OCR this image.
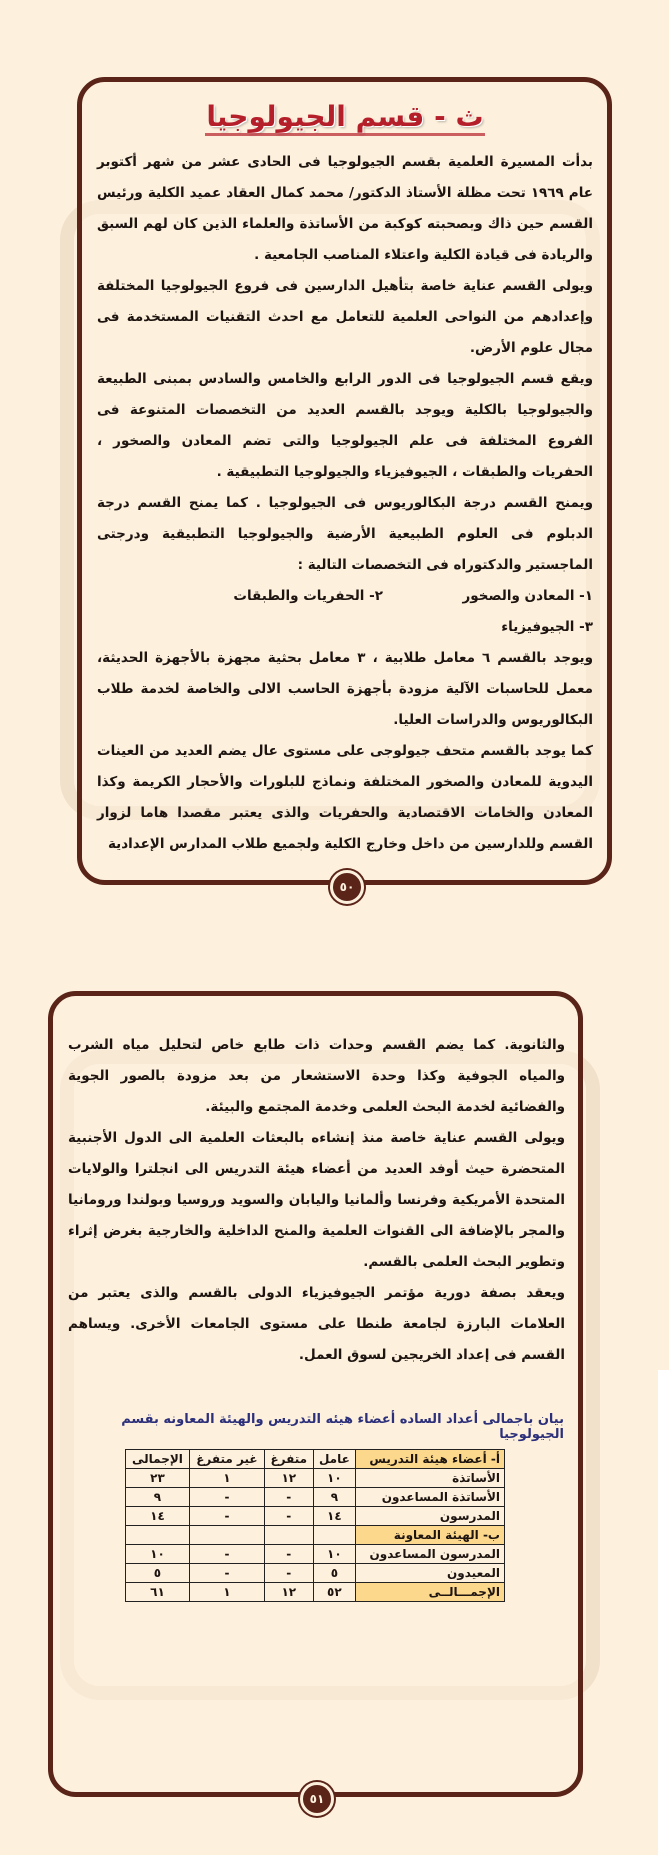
ث - قسم الجيولوجيا

بدأت المسيرة العلمية بقسم الجيولوجيا فى الحادى عشر من شهر أكتوبر عام ١٩٦٩ تحت مظلة الأستاذ الدكتور/ محمد كمال العقاد عميد الكلية ورئيس القسم حين ذاك وبصحبته كوكبة من الأساتذة والعلماء الذين كان لهم السبق والريادة فى قيادة الكلية واعتلاء المناصب الجامعية .

ويولى القسم عناية خاصة بتأهيل الدارسين فى فروع الجيولوجيا المختلفة وإعدادهم من النواحى العلمية للتعامل مع احدث التقنيات المستخدمة فى مجال علوم الأرض.

ويقع قسم الجيولوجيا فى الدور الرابع والخامس والسادس بمبنى الطبيعة والجيولوجيا بالكلية ويوجد بالقسم العديد من التخصصات المتنوعة فى الفروع المختلفة فى علم الجيولوجيا والتى تضم المعادن والصخور ، الحفريات والطبقات ، الجيوفيزياء والجيولوجيا التطبيقية .

ويمنح القسم درجة البكالوريوس فى الجيولوجيا . كما يمنح القسم درجة الدبلوم فى العلوم الطبيعية الأرضية والجيولوجيا التطبيقية ودرجتى الماجستير والدكتوراه فى التخصصات التالية :

١- المعادن والصخور
٢- الحفريات والطبقات
٣- الجيوفيزياء

ويوجد بالقسم ٦ معامل طلابية ، ٣ معامل بحثية مجهزة بالأجهزة الحديثة، معمل للحاسبات الآلية مزودة بأجهزة الحاسب الالى والخاصة لخدمة طلاب البكالوريوس والدراسات العليا.

كما يوجد بالقسم متحف جيولوجى على مستوى عال يضم العديد من العينات اليدوية للمعادن والصخور المختلفة ونماذج للبلورات والأحجار الكريمة وكذا المعادن والخامات الاقتصادية والحفريات والذى يعتبر مقصدا هاما لزوار القسم وللدارسين من داخل وخارج الكلية ولجميع طلاب المدارس الإعدادية

٥٠

والثانوية. كما يضم القسم وحدات ذات طابع خاص لتحليل مياه الشرب والمياه الجوفية وكذا وحدة الاستشعار من بعد مزودة بالصور الجوية والفضائية لخدمة البحث العلمى وخدمة المجتمع والبيئة.

ويولى القسم عناية خاصة منذ إنشاءه بالبعثات العلمية الى الدول الأجنبية المتحضرة حيث أوفد العديد من أعضاء هيئة التدريس الى انجلترا والولايات المتحدة الأمريكية وفرنسا وألمانيا واليابان والسويد وروسيا وبولندا ورومانيا والمجر بالإضافة الى القنوات العلمية والمنح الداخلية والخارجية بغرض إثراء وتطوير البحث العلمى بالقسم.

ويعقد بصفة دورية مؤتمر الجيوفيزياء الدولى بالقسم والذى يعتبر من العلامات البارزة لجامعة طنطا على مستوى الجامعات الأخرى. ويساهم القسم فى إعداد الخريجين لسوق العمل.

بيان باجمالى أعداد الساده أعضاء هيئه التدريس والهيئة المعاونه بقسم الجيولوجيا
أ- أعضاء هيئة التدريس	عامل	متفرغ	غير متفرغ	الإجمالى
الأساتذة	١٠	١٢	١	٢٣
الأساتذة المساعدون	٩	-	-	٩
المدرسون	١٤	-	-	١٤
ب- الهيئة المعاونة				
المدرسون المساعدون	١٠	-	-	١٠
المعيدون	٥	-	-	٥
الإجمـــالــى	٥٢	١٢	١	٦١
٥١
